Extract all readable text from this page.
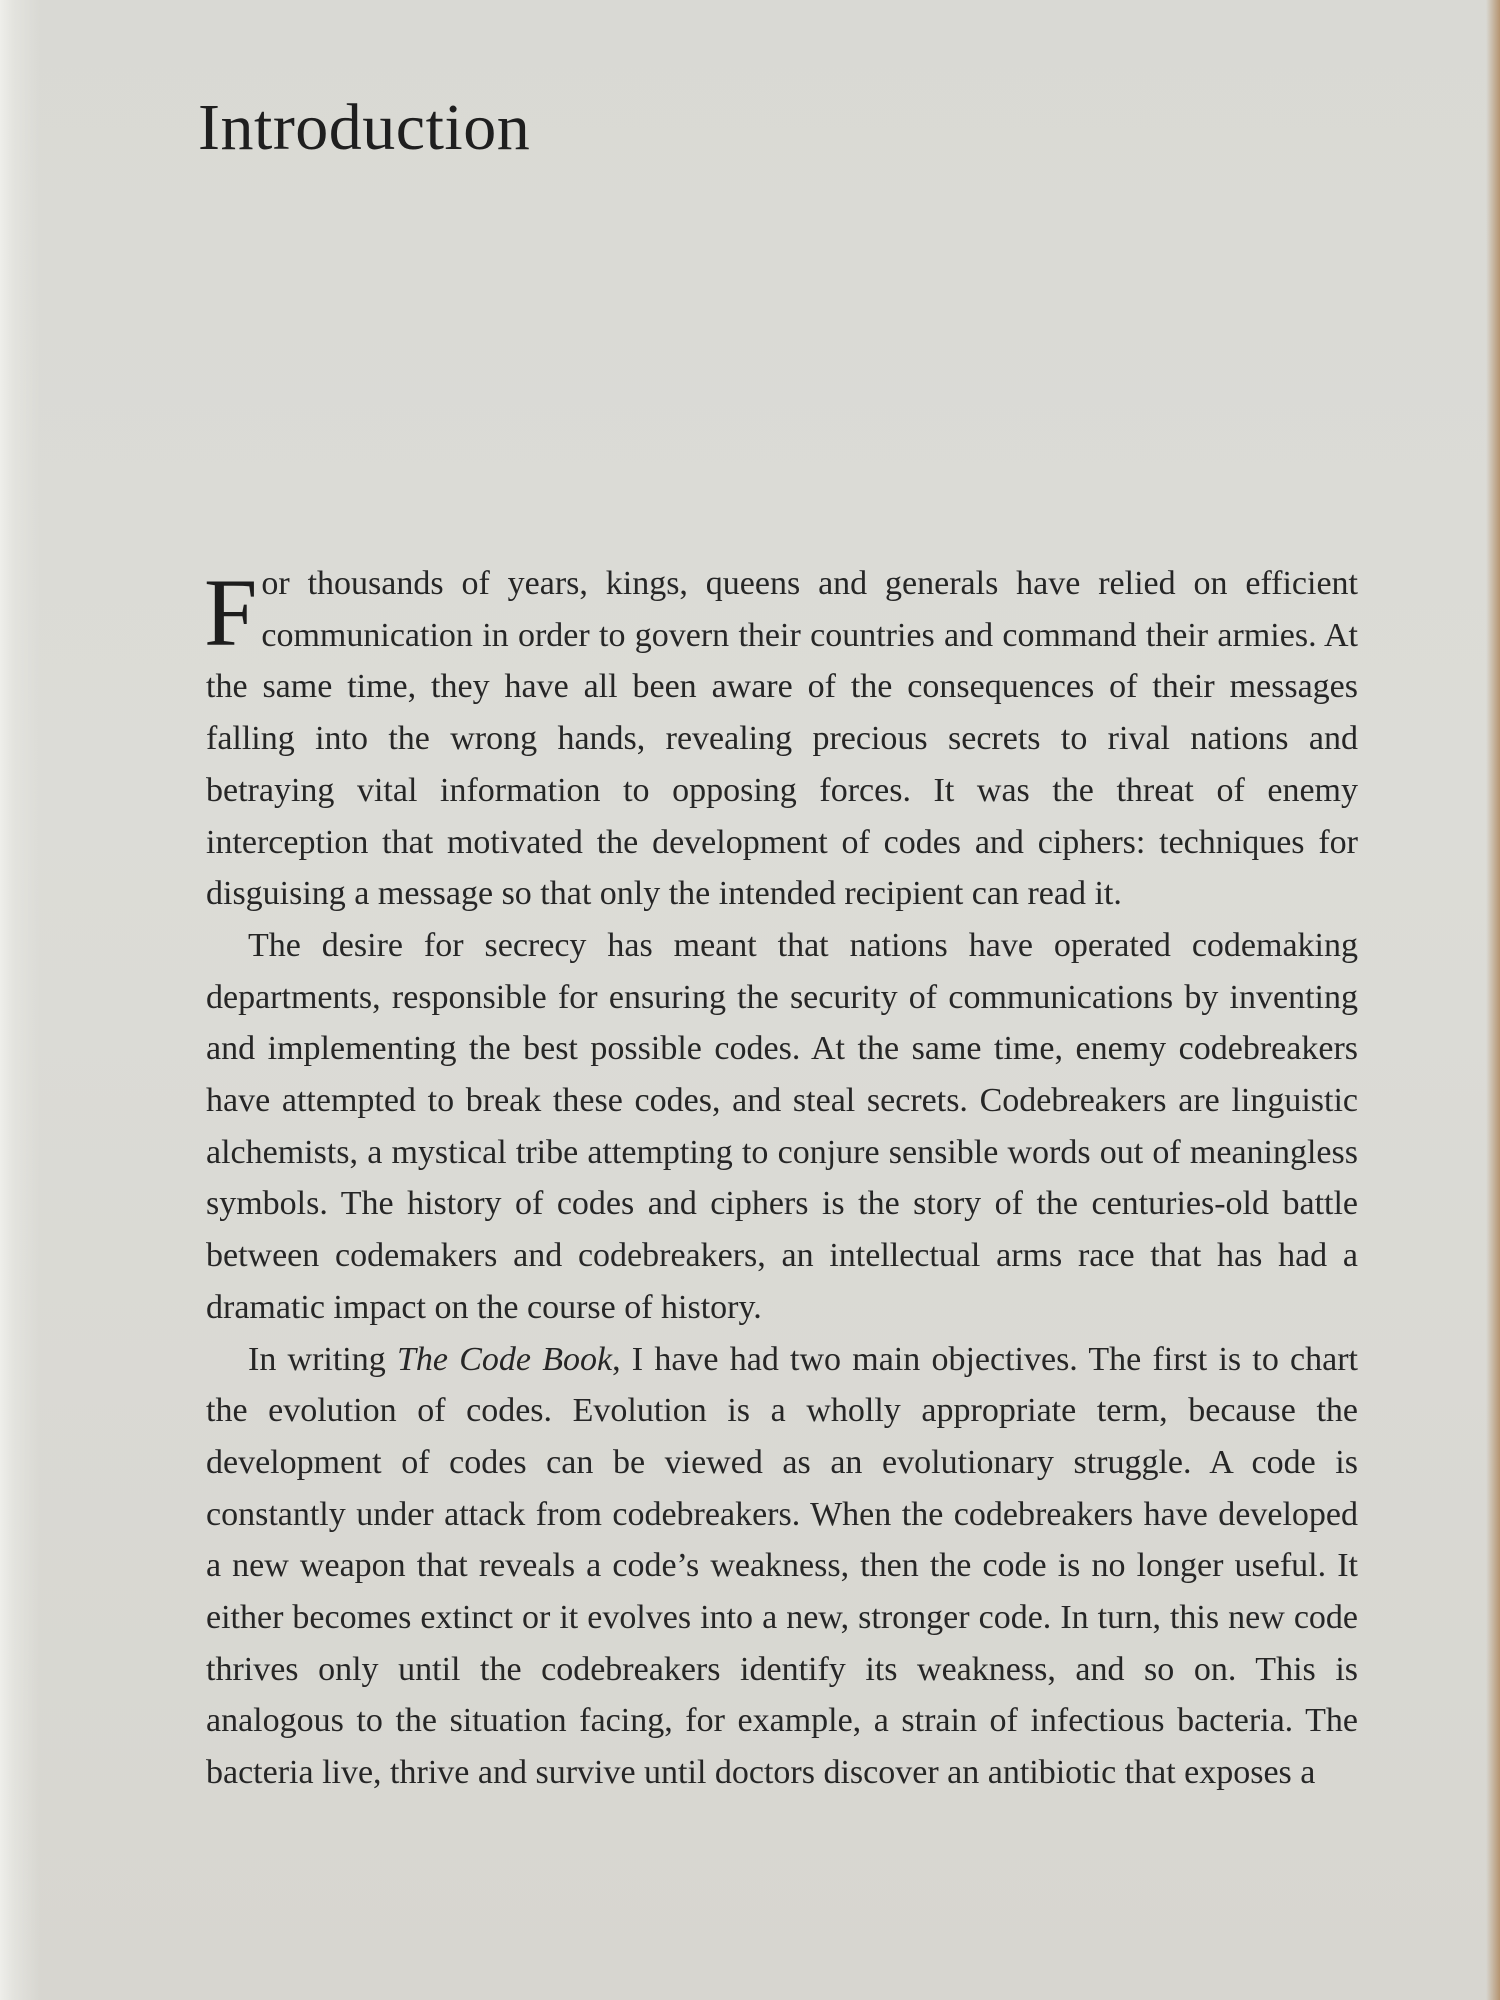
Introduction

For thousands of years, kings, queens and generals have relied on efficient communication in order to govern their countries and command their armies. At the same time, they have all been aware of the consequences of their messages falling into the wrong hands, revealing precious secrets to rival nations and betraying vital information to opposing forces. It was the threat of enemy interception that motivated the development of codes and ciphers: techniques for disguising a message so that only the intended recipient can read it.

The desire for secrecy has meant that nations have operated codemaking departments, responsible for ensuring the security of communications by inventing and implementing the best possible codes. At the same time, enemy codebreakers have attempted to break these codes, and steal secrets. Codebreakers are linguistic alchemists, a mystical tribe attempting to conjure sensible words out of meaningless symbols. The history of codes and ciphers is the story of the centuries-old battle between codemakers and codebreakers, an intellectual arms race that has had a dramatic impact on the course of history.

In writing The Code Book, I have had two main objectives. The first is to chart the evolution of codes. Evolution is a wholly appropriate term, because the development of codes can be viewed as an evolutionary struggle. A code is constantly under attack from codebreakers. When the codebreakers have developed a new weapon that reveals a code’s weakness, then the code is no longer useful. It either becomes extinct or it evolves into a new, stronger code. In turn, this new code thrives only until the codebreakers identify its weakness, and so on. This is analogous to the situation facing, for example, a strain of infectious bacteria. The bacteria live, thrive and survive until doctors discover an antibiotic that exposes a
